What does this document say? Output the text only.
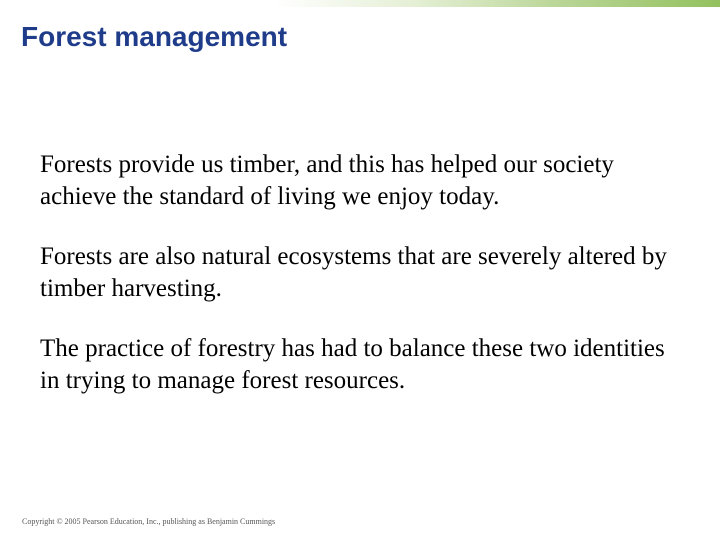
Forest management

Forests provide us timber, and this has helped our society achieve the standard of living we enjoy today.

Forests are also natural ecosystems that are severely altered by timber harvesting.

The practice of forestry has had to balance these two identities in trying to manage forest resources.

Copyright © 2005 Pearson Education, Inc., publishing as Benjamin Cummings
